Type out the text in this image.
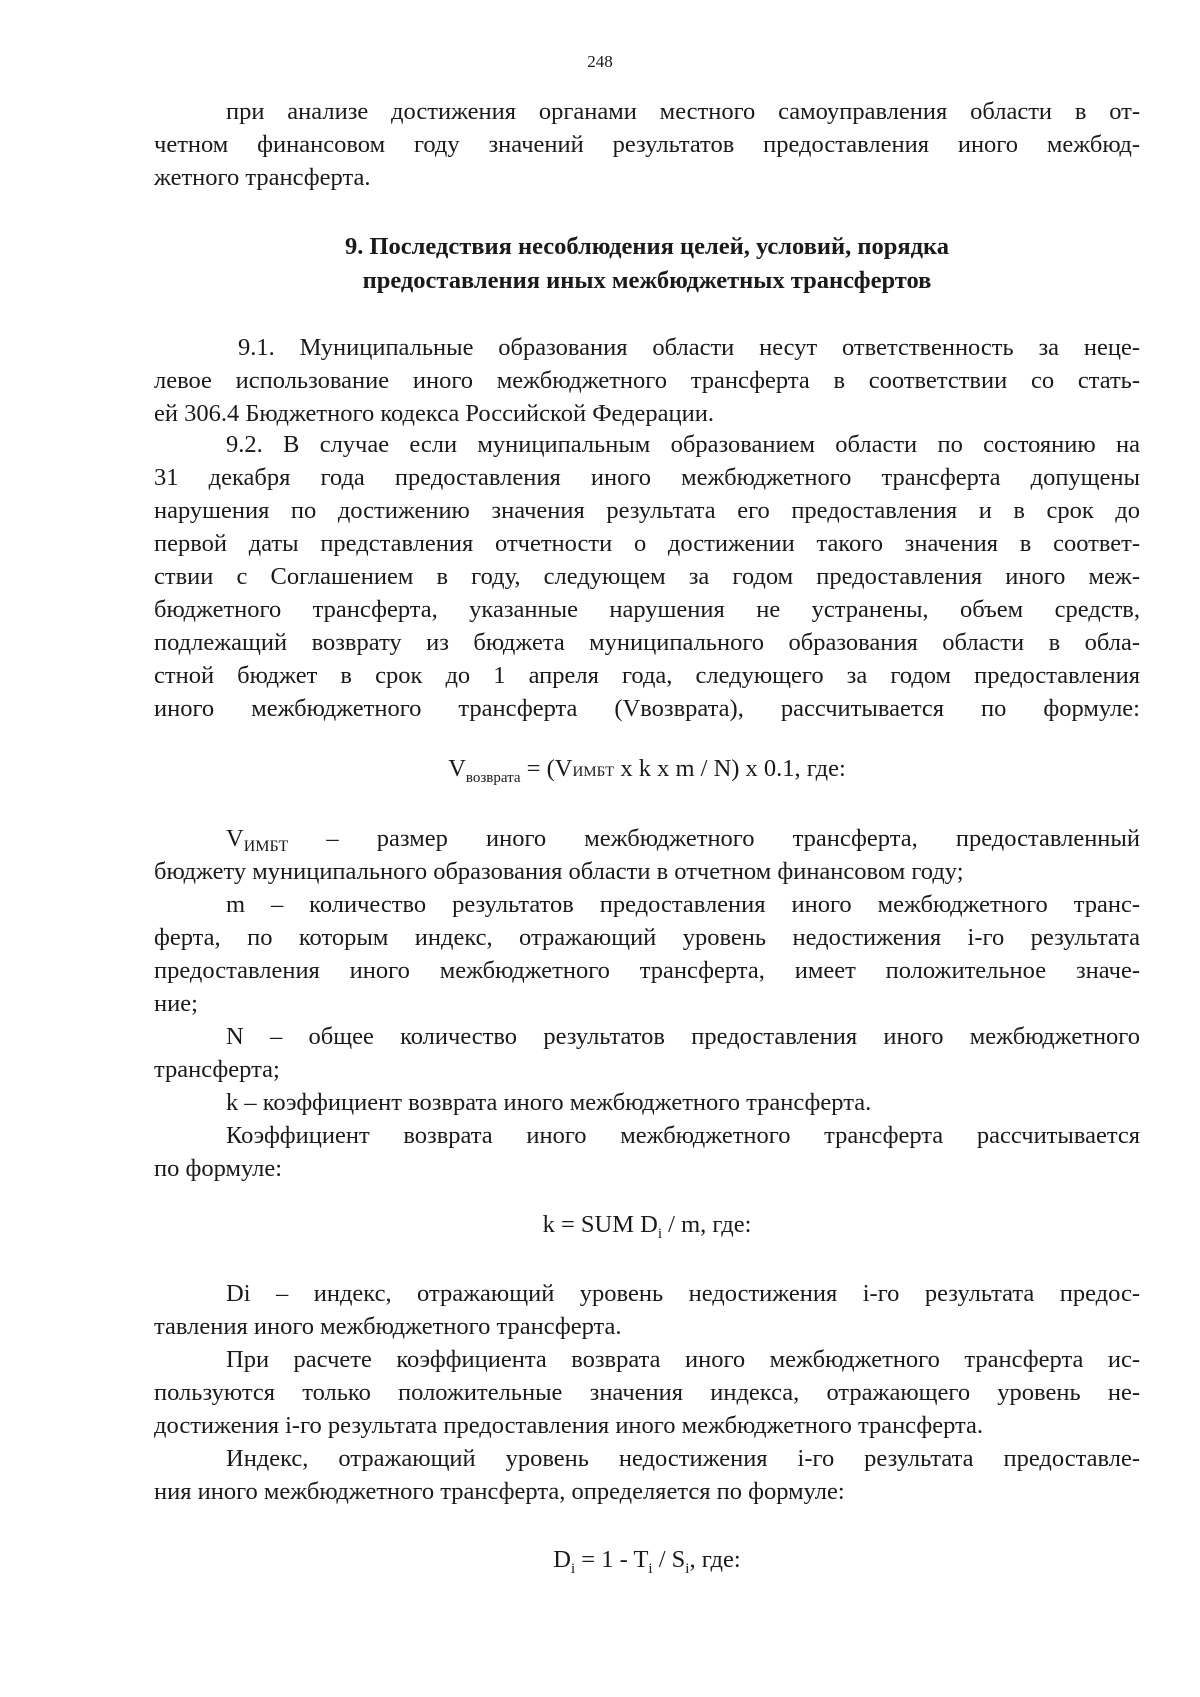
248
при анализе достижения органами местного самоуправления области в от-
четном финансовом году значений результатов предоставления иного межбюд-
жетного трансферта.
9. Последствия несоблюдения целей, условий, порядка
предоставления иных межбюджетных трансфертов
9.1. Муниципальные образования области несут ответственность за неце-
левое использование иного межбюджетного трансферта в соответствии со стать-
ей 306.4 Бюджетного кодекса Российской Федерации.
9.2. В случае если муниципальным образованием области по состоянию на
31 декабря года предоставления иного межбюджетного трансферта допущены
нарушения по достижению значения результата его предоставления и в срок до
первой даты представления отчетности о достижении такого значения в соответ-
ствии с Соглашением в году, следующем за годом предоставления иного меж-
бюджетного трансферта, указанные нарушения не устранены, объем средств,
подлежащий возврату из бюджета муниципального образования области в обла-
стной бюджет в срок до 1 апреля года, следующего за годом предоставления
иного межбюджетного трансферта (Vвозврата), рассчитывается по формуле:
$V_{возврата}$ = (VИМБТ x k x m / N) x 0.1, где:
$V_{ИМБТ}$ – размер иного межбюджетного трансферта, предоставленный
бюджету муниципального образования области в отчетном финансовом году;
m – количество результатов предоставления иного межбюджетного транс-
ферта, по которым индекс, отражающий уровень недостижения i-го результата
предоставления иного межбюджетного трансферта, имеет положительное значе-
ние;
N – общее количество результатов предоставления иного межбюджетного
трансферта;
k – коэффициент возврата иного межбюджетного трансферта.
Коэффициент возврата иного межбюджетного трансферта рассчитывается
по формуле:
k = SUM $D_i$ / m, где:
Di – индекс, отражающий уровень недостижения i-го результата предос-
тавления иного межбюджетного трансферта.
При расчете коэффициента возврата иного межбюджетного трансферта ис-
пользуются только положительные значения индекса, отражающего уровень не-
достижения i-го результата предоставления иного межбюджетного трансферта.
Индекс, отражающий уровень недостижения i-го результата предоставле-
ния иного межбюджетного трансферта, определяется по формуле:
$D_i = 1 - T_i / S_i$, где:
